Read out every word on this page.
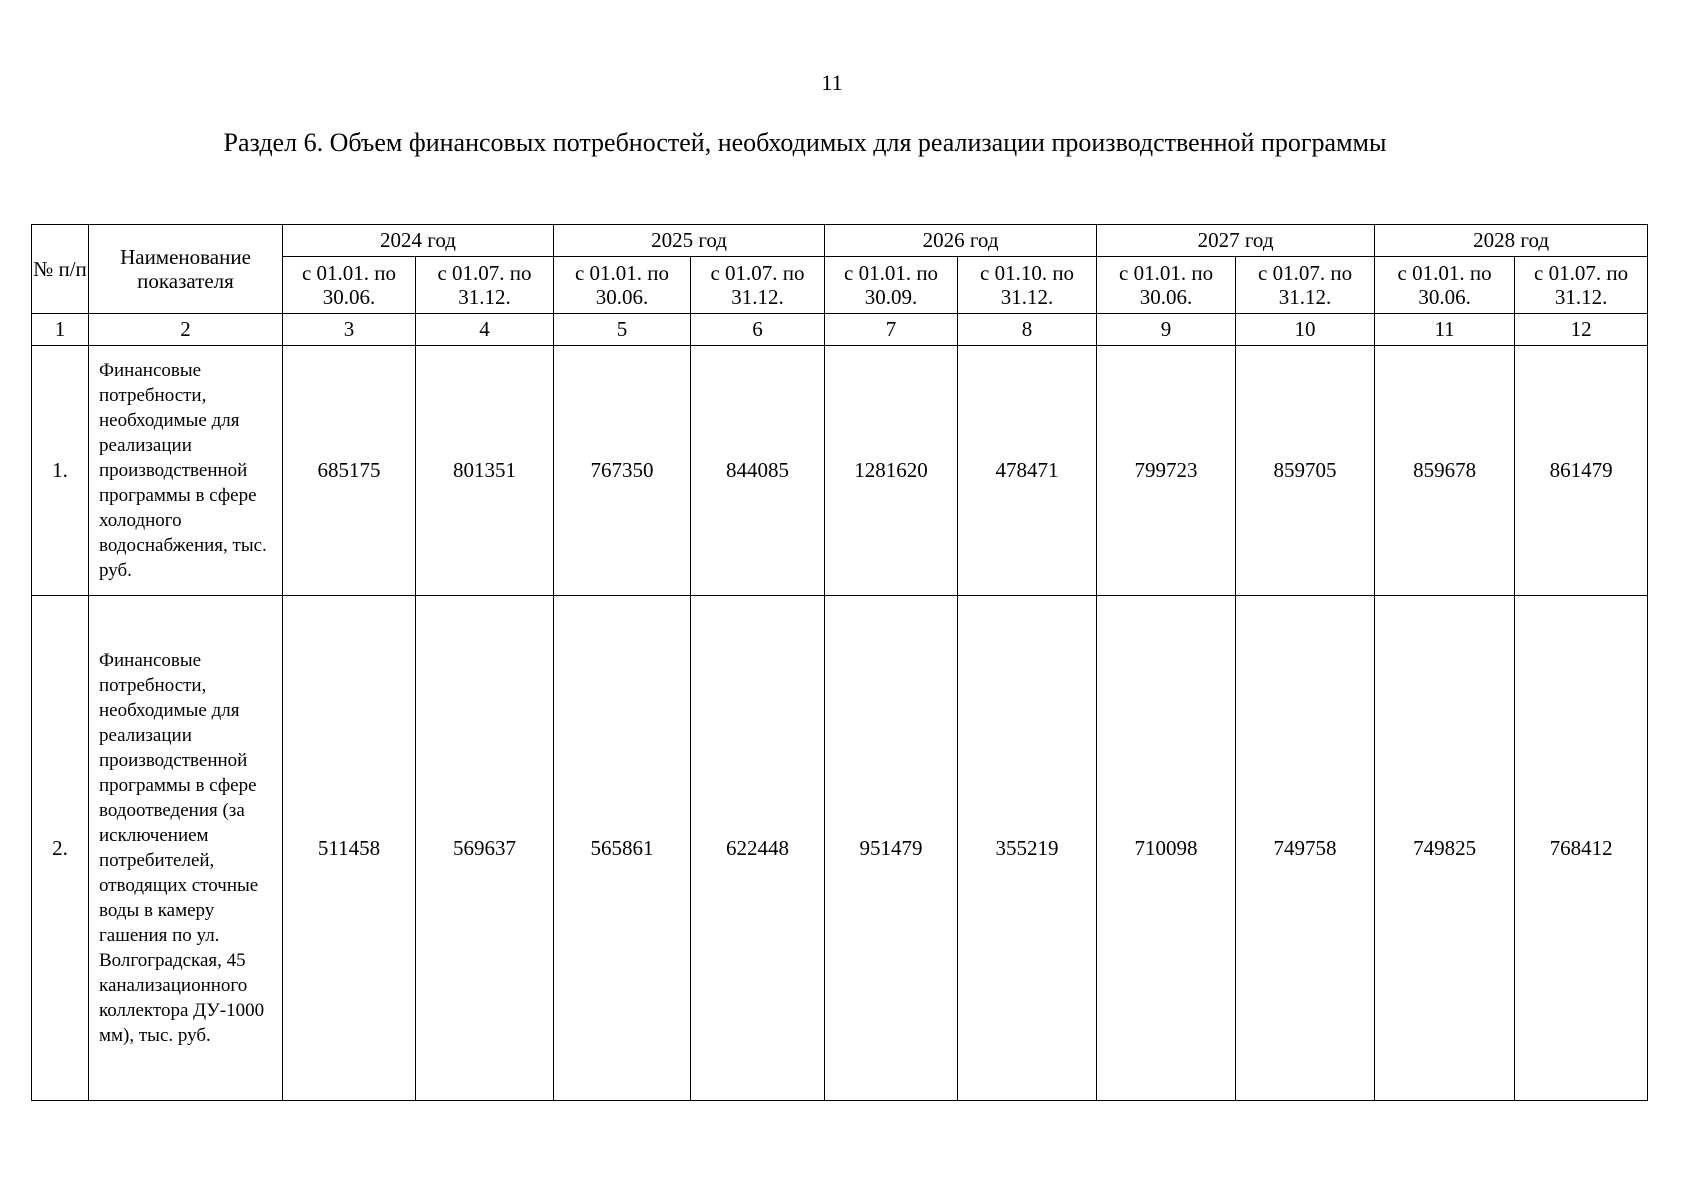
11
Раздел 6. Объем финансовых потребностей, необходимых для реализации производственной программы
№ п/п	Наименование показателя	2024 год		2025 год		2026 год		2027 год		2028 год	
		с 01.01. по 30.06.	с 01.07. по 31.12.	с 01.01. по 30.06.	с 01.07. по 31.12.	с 01.01. по 30.09.	с 01.10. по 31.12.	с 01.01. по 30.06.	с 01.07. по 31.12.	с 01.01. по 30.06.	с 01.07. по 31.12.
1	2	3	4	5	6	7	8	9	10	11	12
1.	Финансовые потребности, необходимые для реализации производственной программы в сфере холодного водоснабжения, тыс. руб.	685175	801351	767350	844085	1281620	478471	799723	859705	859678	861479
2.	Финансовые потребности, необходимые для реализации производственной программы в сфере водоотведения (за исключением потребителей, отводящих сточные воды в камеру гашения по ул. Волгоградская, 45 канализационного коллектора ДУ-1000 мм), тыс. руб.	511458	569637	565861	622448	951479	355219	710098	749758	749825	768412
